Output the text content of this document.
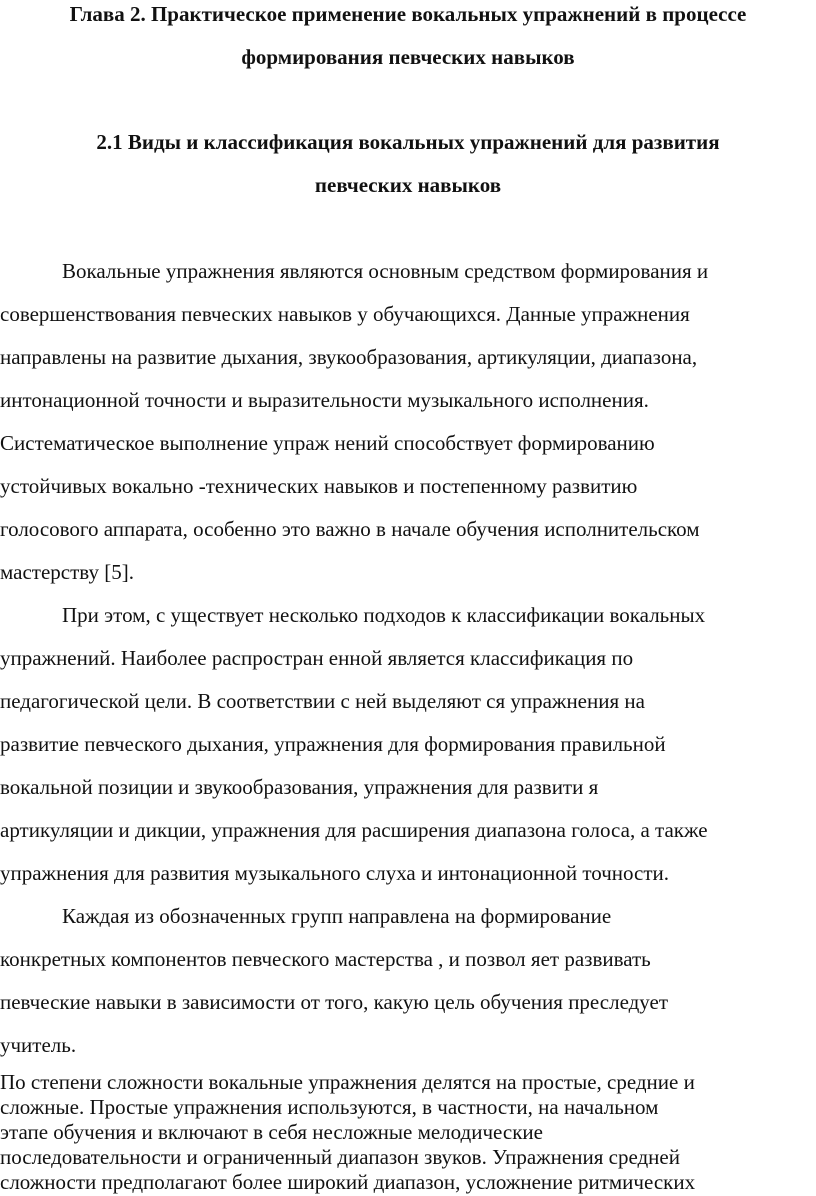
Глава 2. Практическое применение вокальных упражнений в процессе
формирования певческих навыков
2.1 Виды и классификация вокальных упражнений для развития
певческих навыков
Вокальные упражнения являются основным средством формирования и
совершенствования певческих навыков у обучающихся. Данные упражнения
направлены на развитие дыхания, звукообразования, артикуляции, диапазона,
интонационной точности и выразительности музыкального исполнения.
Систематическое выполнение упраж нений способствует формированию
устойчивых вокально -технических навыков и постепенному развитию
голосового аппарата, особенно это важно в начале обучения исполнительском
мастерству [5].
При этом, с уществует несколько подходов к классификации вокальных
упражнений. Наиболее распростран енной является классификация по
педагогической цели. В соответствии с ней выделяют ся упражнения на
развитие певческого дыхания, упражнения для формирования правильной
вокальной позиции и звукообразования, упражнения для развити я
артикуляции и дикции, упражнения для расширения диапазона голоса, а также
упражнения для развития музыкального слуха и интонационной точности.
Каждая из обозначенных групп направлена на формирование
конкретных компонентов певческого мастерства , и позвол яет развивать
певческие навыки в зависимости от того, какую цель обучения преследует
учитель.
По степени сложности вокальные упражнения делятся на простые, средние и
сложные. Простые упражнения используются, в частности, на начальном
этапе обучения и включают в себя несложные мелодические
последовательности и ограниченный диапазон звуков. Упражнения средней
сложности предполагают более широкий диапазон, усложнение ритмических
